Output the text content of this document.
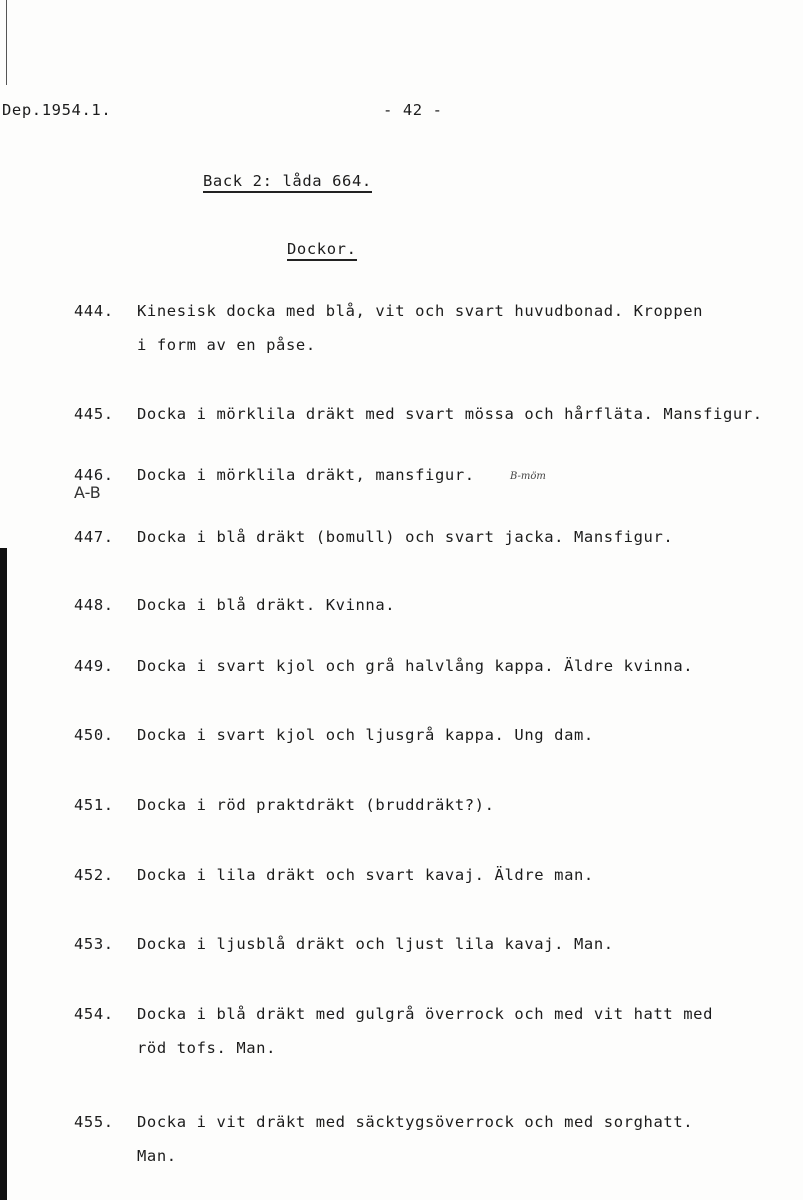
Dep.1954.1.	- 42 -
Back 2: låda 664.
Dockor.
444. Kinesisk docka med blå, vit och svart huvudbonad. Kroppen
i form av en påse.
445. Docka i mörklila dräkt med svart mössa och hårfläta. Mansfigur.
446. Docka i mörklila dräkt, mansfigur.
A-B
B-möm
447. Docka i blå dräkt (bomull) och svart jacka. Mansfigur.
448. Docka i blå dräkt. Kvinna.
449. Docka i svart kjol och grå halvlång kappa. Äldre kvinna.
450. Docka i svart kjol och ljusgrå kappa. Ung dam.
451. Docka i röd praktdräkt (bruddräkt?).
452. Docka i lila dräkt och svart kavaj. Äldre man.
453. Docka i ljusblå dräkt och ljust lila kavaj. Man.
454. Docka i blå dräkt med gulgrå överrock och med vit hatt med
röd tofs. Man.
455. Docka i vit dräkt med säcktygsöverrock och med sorghatt.
Man.
